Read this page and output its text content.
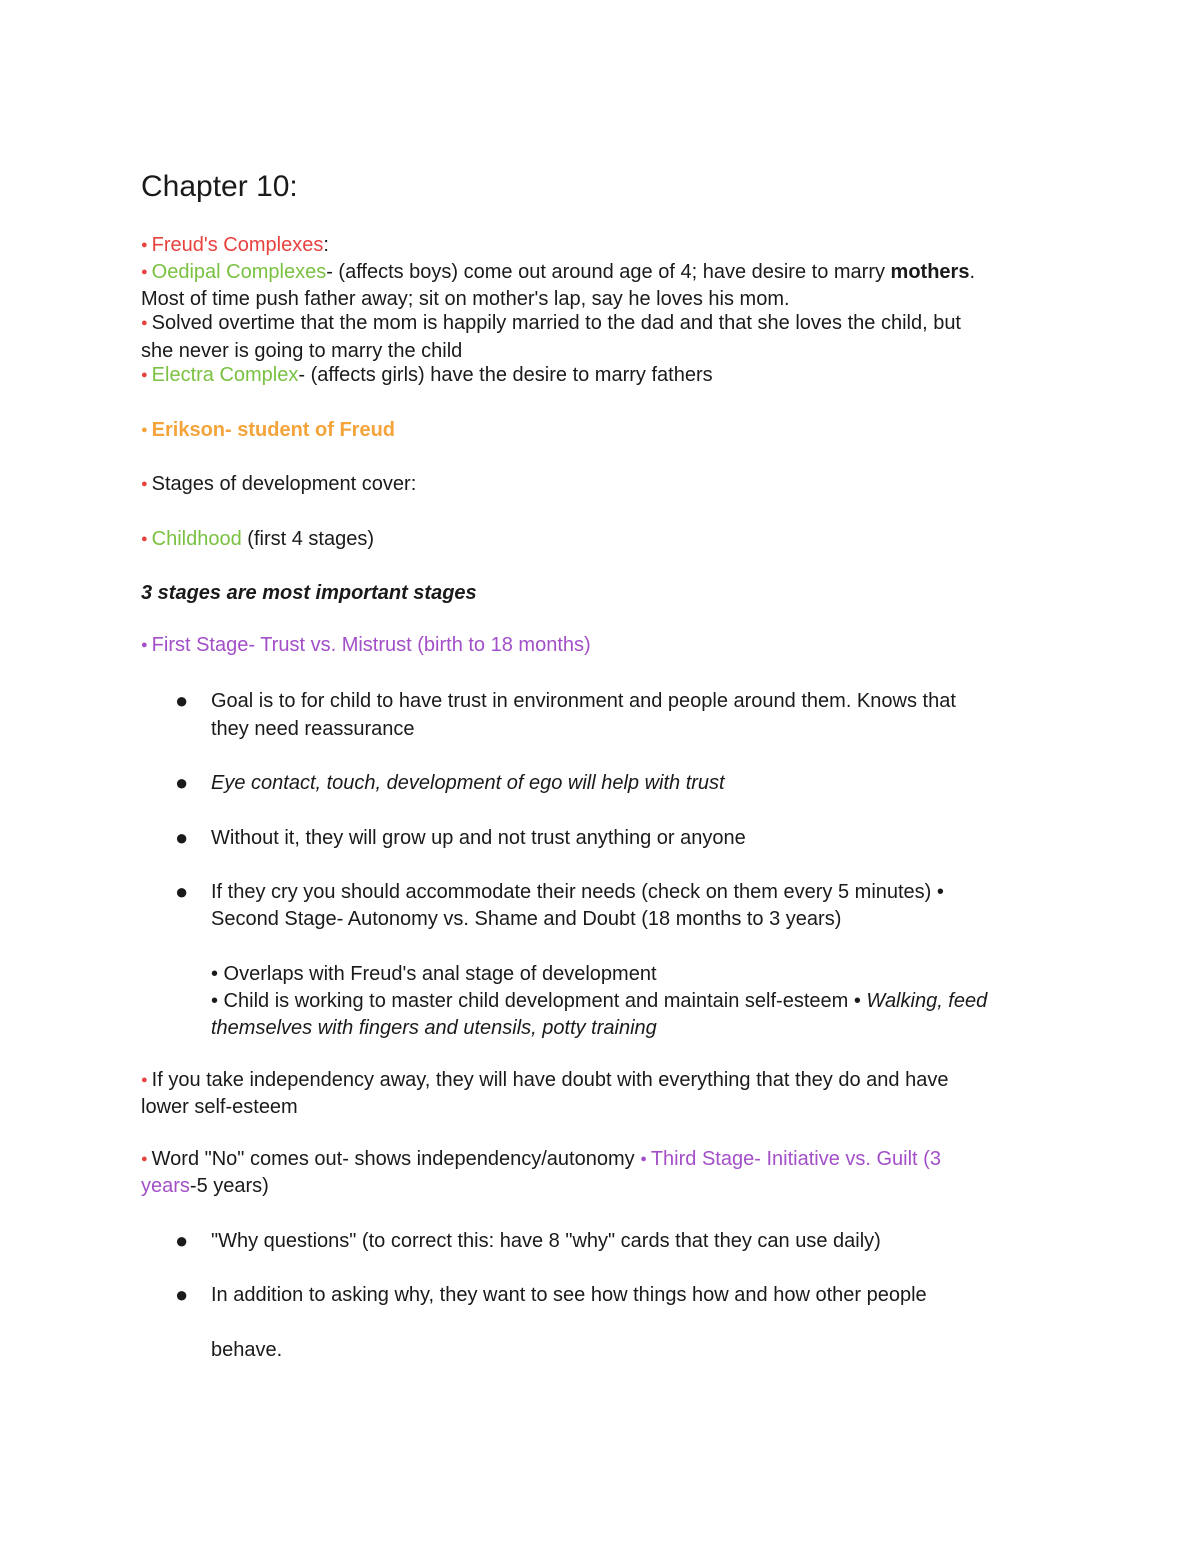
Chapter 10:
● Freud's Complexes:
● Oedipal Complexes- (affects boys) come out around age of 4; have desire to marry mothers.
Most of time push father away; sit on mother's lap, say he loves his mom.
● Solved overtime that the mom is happily married to the dad and that she loves the child, but
she never is going to marry the child
● Electra Complex- (affects girls) have the desire to marry fathers
● Erikson- student of Freud
● Stages of development cover:
● Childhood (first 4 stages)
3 stages are most important stages
● First Stage- Trust vs. Mistrust (birth to 18 months)
● Goal is to for child to have trust in environment and people around them. Knows that
they need reassurance
● Eye contact, touch, development of ego will help with trust
● Without it, they will grow up and not trust anything or anyone
● If they cry you should accommodate their needs (check on them every 5 minutes) •
Second Stage- Autonomy vs. Shame and Doubt (18 months to 3 years)
• Overlaps with Freud's anal stage of development
• Child is working to master child development and maintain self-esteem • Walking, feed
themselves with fingers and utensils, potty training
● If you take independency away, they will have doubt with everything that they do and have
lower self-esteem
● Word "No" comes out- shows independency/autonomy ● Third Stage- Initiative vs. Guilt (3
years-5 years)
● "Why questions" (to correct this: have 8 "why" cards that they can use daily)
● In addition to asking why, they want to see how things how and how other people
behave.
